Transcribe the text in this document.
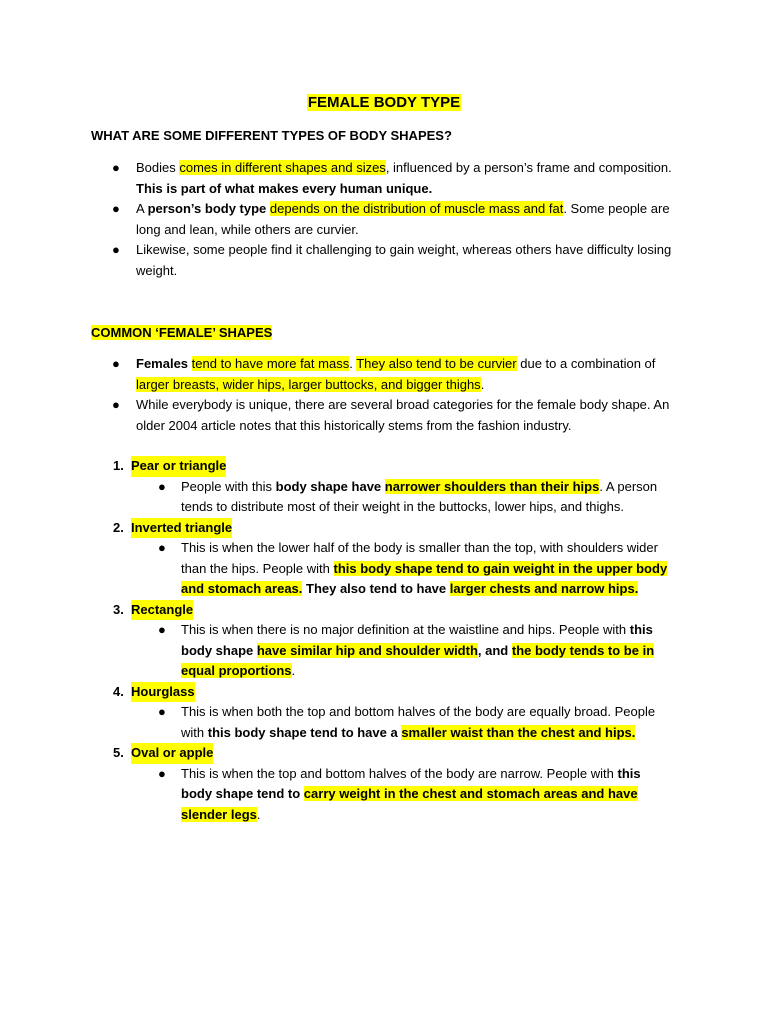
FEMALE BODY TYPE
WHAT ARE SOME DIFFERENT TYPES OF BODY SHAPES?
● Bodies comes in different shapes and sizes, influenced by a person’s frame and composition. This is part of what makes every human unique.
● A person’s body type depends on the distribution of muscle mass and fat. Some people are long and lean, while others are curvier.
● Likewise, some people find it challenging to gain weight, whereas others have difficulty losing weight.
COMMON ‘FEMALE’ SHAPES
● Females tend to have more fat mass. They also tend to be curvier due to a combination of larger breasts, wider hips, larger buttocks, and bigger thighs.
● While everybody is unique, there are several broad categories for the female body shape. An older 2004 article notes that this historically stems from the fashion industry.
1. Pear or triangle
● People with this body shape have narrower shoulders than their hips. A person tends to distribute most of their weight in the buttocks, lower hips, and thighs.
2. Inverted triangle
● This is when the lower half of the body is smaller than the top, with shoulders wider than the hips. People with this body shape tend to gain weight in the upper body and stomach areas. They also tend to have larger chests and narrow hips.
3. Rectangle
● This is when there is no major definition at the waistline and hips. People with this body shape have similar hip and shoulder width, and the body tends to be in equal proportions.
4. Hourglass
● This is when both the top and bottom halves of the body are equally broad. People with this body shape tend to have a smaller waist than the chest and hips.
5. Oval or apple
● This is when the top and bottom halves of the body are narrow. People with this body shape tend to carry weight in the chest and stomach areas and have slender legs.
